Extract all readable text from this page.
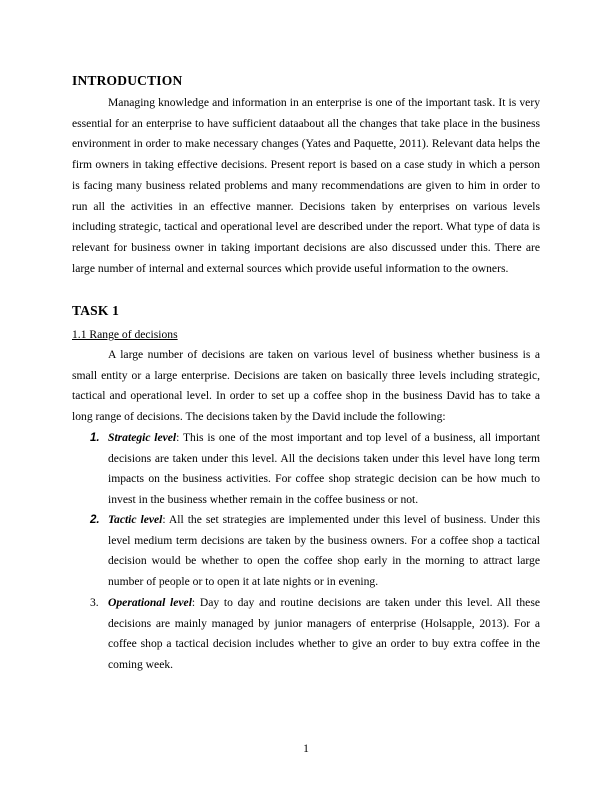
INTRODUCTION

Managing knowledge and information in an enterprise is one of the important task. It is very essential for an enterprise to have sufficient dataabout all the changes that take place in the business environment in order to make necessary changes (Yates and Paquette, 2011). Relevant data helps the firm owners in taking effective decisions. Present report is based on a case study in which a person is facing many business related problems and many recommendations are given to him in order to run all the activities in an effective manner. Decisions taken by enterprises on various levels including strategic, tactical and operational level are described under the report. What type of data is relevant for business owner in taking important decisions are also discussed under this. There are large number of internal and external sources which provide useful information to the owners.

TASK 1

1.1 Range of decisions

A large number of decisions are taken on various level of business whether business is a small entity or a large enterprise. Decisions are taken on basically three levels including strategic, tactical and operational level. In order to set up a coffee shop in the business David has to take a long range of decisions. The decisions taken by the David include the following:

1. Strategic level: This is one of the most important and top level of a business, all important decisions are taken under this level. All the decisions taken under this level have long term impacts on the business activities. For coffee shop strategic decision can be how much to invest in the business whether remain in the coffee business or not.

2. Tactic level: All the set strategies are implemented under this level of business. Under this level medium term decisions are taken by the business owners. For a coffee shop a tactical decision would be whether to open the coffee shop early in the morning to attract large number of people or to open it at late nights or in evening.

3. Operational level: Day to day and routine decisions are taken under this level. All these decisions are mainly managed by junior managers of enterprise (Holsapple, 2013). For a coffee shop a tactical decision includes whether to give an order to buy extra coffee in the coming week.

1
